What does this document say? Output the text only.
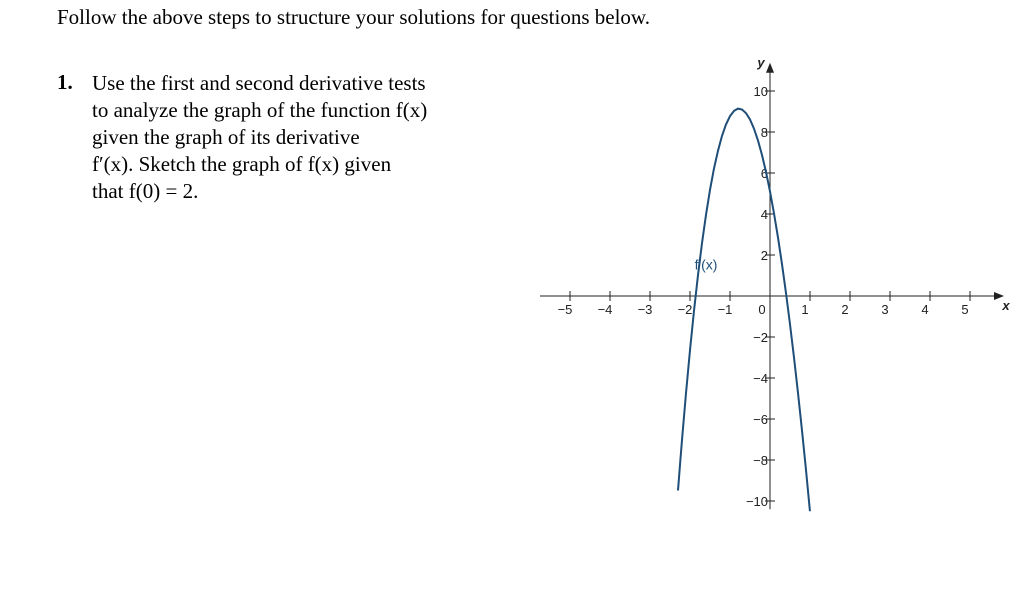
Follow the above steps to structure your solutions for questions below.
1. Use the first and second derivative tests
to analyze the graph of the function f(x)
given the graph of its derivative
f′(x). Sketch the graph of f(x) given
that f(0) = 2.
−5 −4 −3 −2 −1 0	1	2	3	4	5
−10
−8
−6
−4
−2
2
4
6
8
10
x
y
f′(x)
